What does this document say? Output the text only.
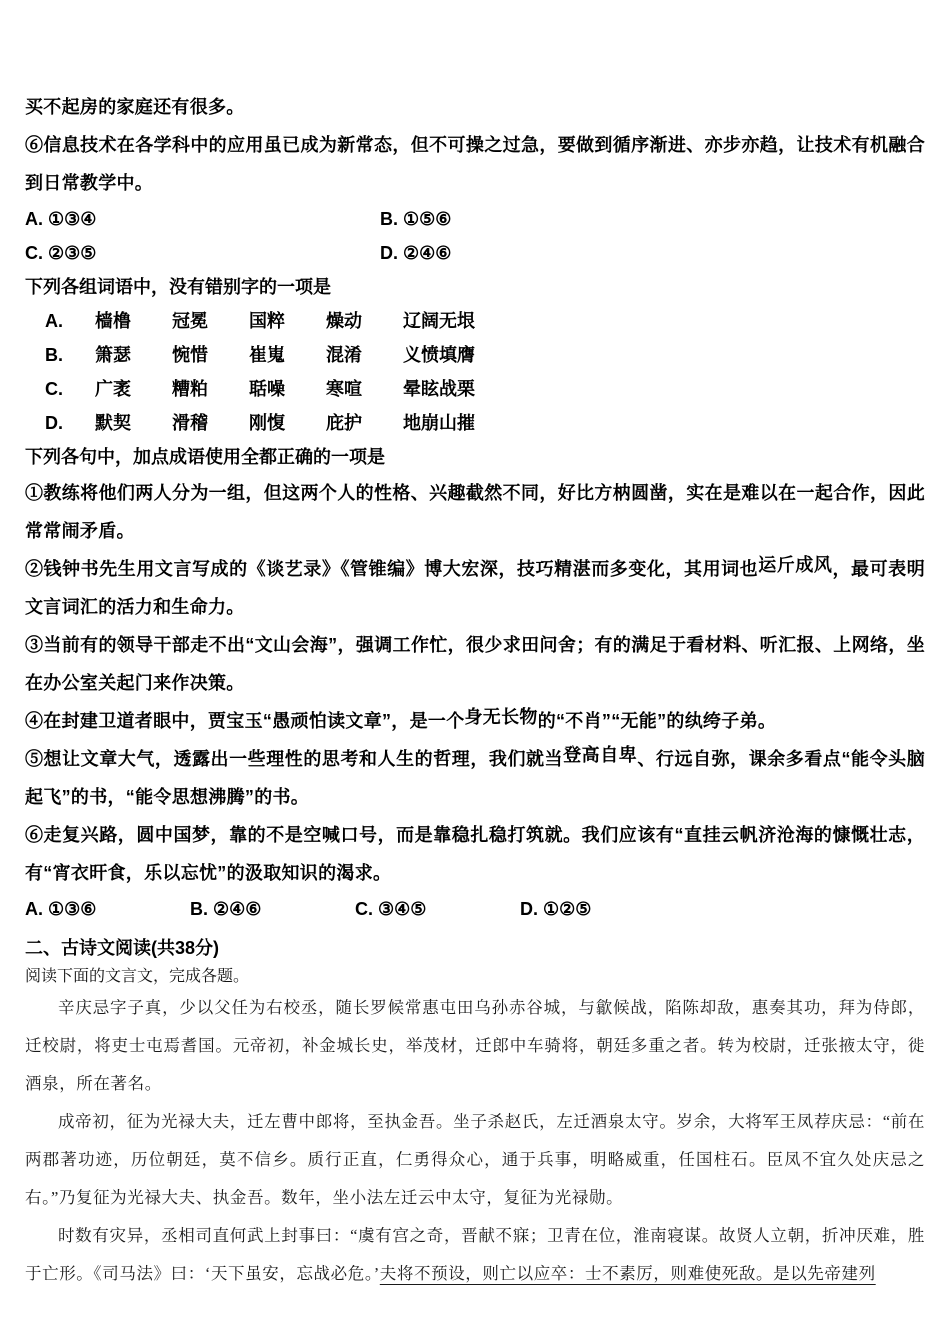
买不起房的家庭还有很多。

⑥信息技术在各学科中的应用虽已成为新常态，但不可操之过急，要做到循序渐进、亦步亦趋，让技术有机融合到日常教学中。

A. ①③④	B. ①⑤⑥
C. ②③⑤	D. ②④⑥

下列各组词语中，没有错别字的一项是

A.	樯橹	冠冕	国粹	燥动	辽阔无垠
B.	箫瑟	惋惜	崔嵬	混淆	义愤填膺
C.	广袤	糟粕	聒噪	寒喧	晕眩战栗
D.	默契	滑稽	刚愎	庇护	地崩山摧

下列各句中，加点成语使用全都正确的一项是

①教练将他们两人分为一组，但这两个人的性格、兴趣截然不同，好比方枘圆凿，实在是难以在一起合作，因此常常闹矛盾。

②钱钟书先生用文言写成的《谈艺录》《管锥编》博大宏深，技巧精湛而多变化，其用词也运斤成风，最可表明文言词汇的活力和生命力。

③当前有的领导干部走不出“文山会海”，强调工作忙，很少求田问舍；有的满足于看材料、听汇报、上网络，坐在办公室关起门来作决策。

④在封建卫道者眼中，贾宝玉“愚顽怕读文章”，是一个身无长物的“不肖”“无能”的纨绔子弟。

⑤想让文章大气，透露出一些理性的思考和人生的哲理，我们就当登高自卑、行远自弥，课余多看点“能令头脑起飞”的书，“能令思想沸腾”的书。

⑥走复兴路，圆中国梦，靠的不是空喊口号，而是靠稳扎稳打筑就。我们应该有“直挂云帆济沧海的慷慨壮志，有“宵衣旰食，乐以忘忧”的汲取知识的渴求。

A. ①③⑥	B. ②④⑥	C. ③④⑤	D. ①②⑤

二、古诗文阅读(共38分)

阅读下面的文言文，完成各题。

辛庆忌字子真，少以父任为右校丞，随长罗候常惠屯田乌孙赤谷城，与歙候战，陷陈却敌，惠奏其功，拜为侍郎，迁校尉，将吏士屯焉耆国。元帝初，补金城长史，举茂材，迁郎中车骑将，朝廷多重之者。转为校尉，迁张掖太守，徙酒泉，所在著名。

成帝初，征为光禄大夫，迁左曹中郎将，至执金吾。坐子杀赵氏，左迁酒泉太守。岁余，大将军王凤荐庆忌：“前在两郡著功迹，历位朝廷，莫不信乡。质行正直，仁勇得众心，通于兵事，明略威重，任国柱石。臣凤不宜久处庆忌之右。”乃复征为光禄大夫、执金吾。数年，坐小法左迁云中太守，复征为光禄勋。

时数有灾异，丞相司直何武上封事曰：“虞有宫之奇，晋献不寐；卫青在位，淮南寝谋。故贤人立朝，折冲厌难，胜于亡形。《司马法》曰：‘天下虽安，忘战必危。’夫将不预设，则亡以应卒：士不素厉，则难使死敌。是以先帝建列
